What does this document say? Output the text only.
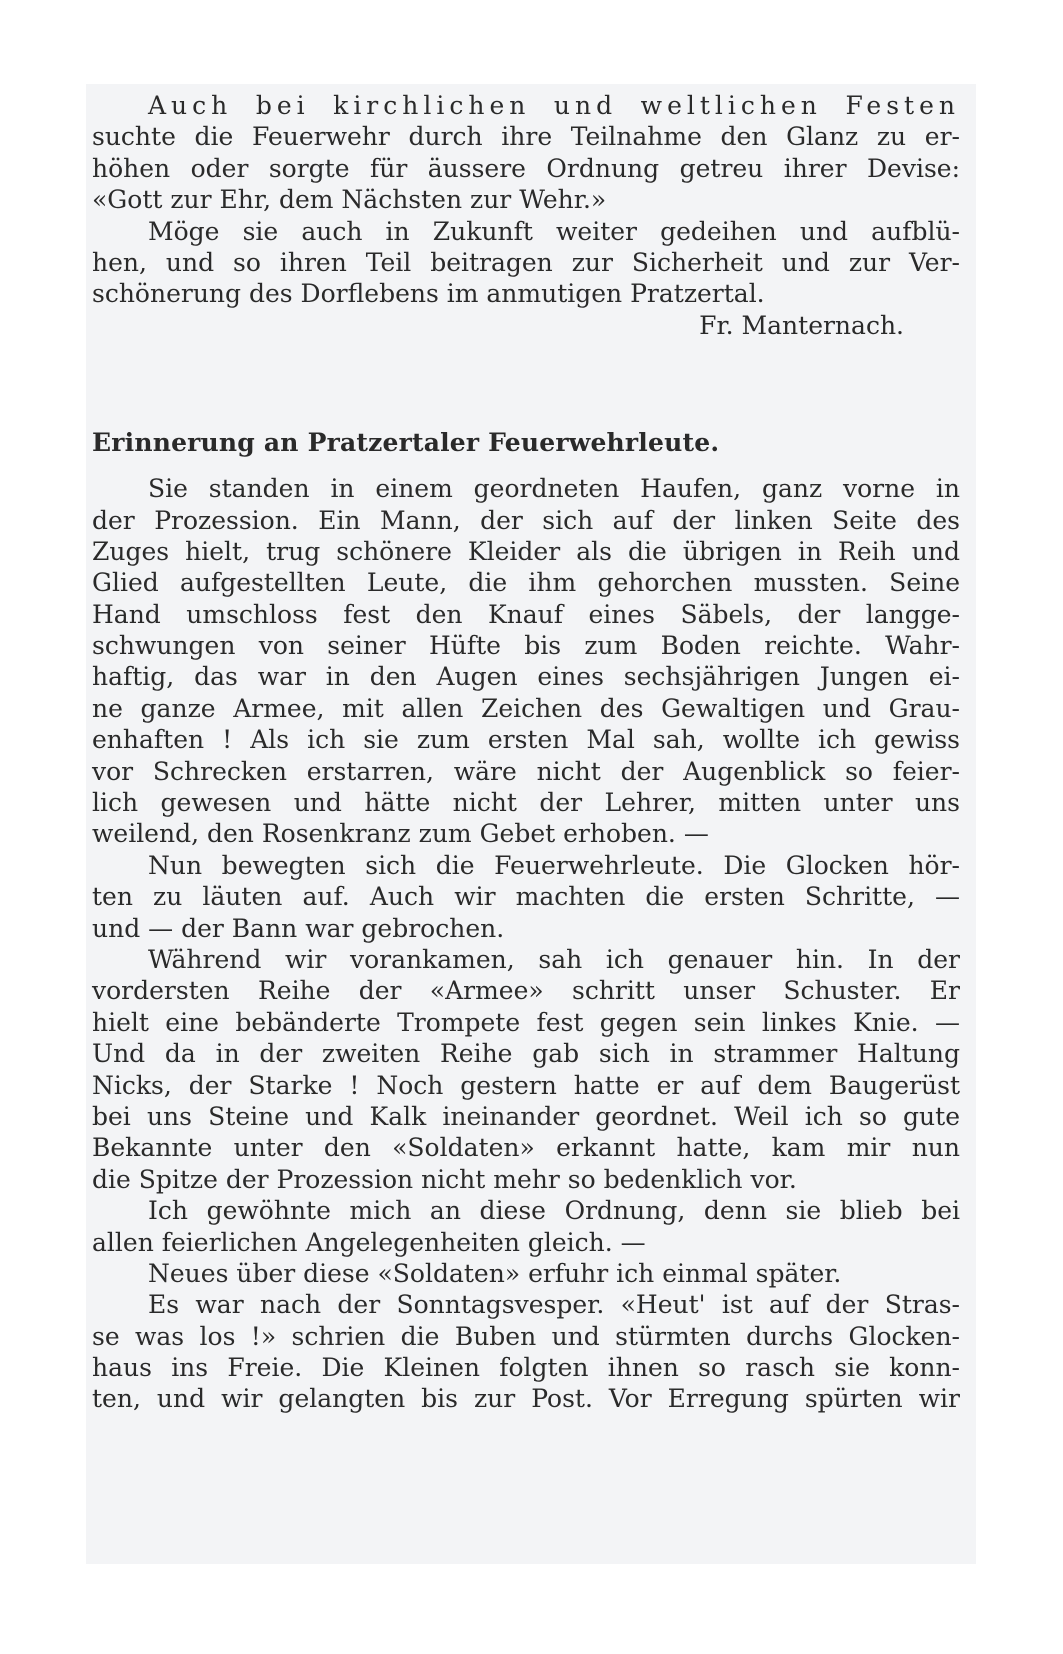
Auch bei kirchlichen und weltlichen Festen
suchte die Feuerwehr durch ihre Teilnahme den Glanz zu er-
höhen oder sorgte für äussere Ordnung getreu ihrer Devise:
«Gott zur Ehr, dem Nächsten zur Wehr.»
Möge sie auch in Zukunft weiter gedeihen und aufblü-
hen, und so ihren Teil beitragen zur Sicherheit und zur Ver-
schönerung des Dorflebens im anmutigen Pratzertal.
Fr. Manternach.
Erinnerung an Pratzertaler Feuerwehrleute.
Sie standen in einem geordneten Haufen, ganz vorne in
der Prozession. Ein Mann, der sich auf der linken Seite des
Zuges hielt, trug schönere Kleider als die übrigen in Reih und
Glied aufgestellten Leute, die ihm gehorchen mussten. Seine
Hand umschloss fest den Knauf eines Säbels, der langge-
schwungen von seiner Hüfte bis zum Boden reichte. Wahr-
haftig, das war in den Augen eines sechsjährigen Jungen ei-
ne ganze Armee, mit allen Zeichen des Gewaltigen und Grau-
enhaften ! Als ich sie zum ersten Mal sah, wollte ich gewiss
vor Schrecken erstarren, wäre nicht der Augenblick so feier-
lich gewesen und hätte nicht der Lehrer, mitten unter uns
weilend, den Rosenkranz zum Gebet erhoben. —
Nun bewegten sich die Feuerwehrleute. Die Glocken hör-
ten zu läuten auf. Auch wir machten die ersten Schritte, —
und — der Bann war gebrochen.
Während wir vorankamen, sah ich genauer hin. In der
vordersten Reihe der «Armee» schritt unser Schuster. Er
hielt eine bebänderte Trompete fest gegen sein linkes Knie. —
Und da in der zweiten Reihe gab sich in strammer Haltung
Nicks, der Starke ! Noch gestern hatte er auf dem Baugerüst
bei uns Steine und Kalk ineinander geordnet. Weil ich so gute
Bekannte unter den «Soldaten» erkannt hatte, kam mir nun
die Spitze der Prozession nicht mehr so bedenklich vor.
Ich gewöhnte mich an diese Ordnung, denn sie blieb bei
allen feierlichen Angelegenheiten gleich. —
Neues über diese «Soldaten» erfuhr ich einmal später.
Es war nach der Sonntagsvesper. «Heut' ist auf der Stras-
se was los !» schrien die Buben und stürmten durchs Glocken-
haus ins Freie. Die Kleinen folgten ihnen so rasch sie konn-
ten, und wir gelangten bis zur Post. Vor Erregung spürten wir
